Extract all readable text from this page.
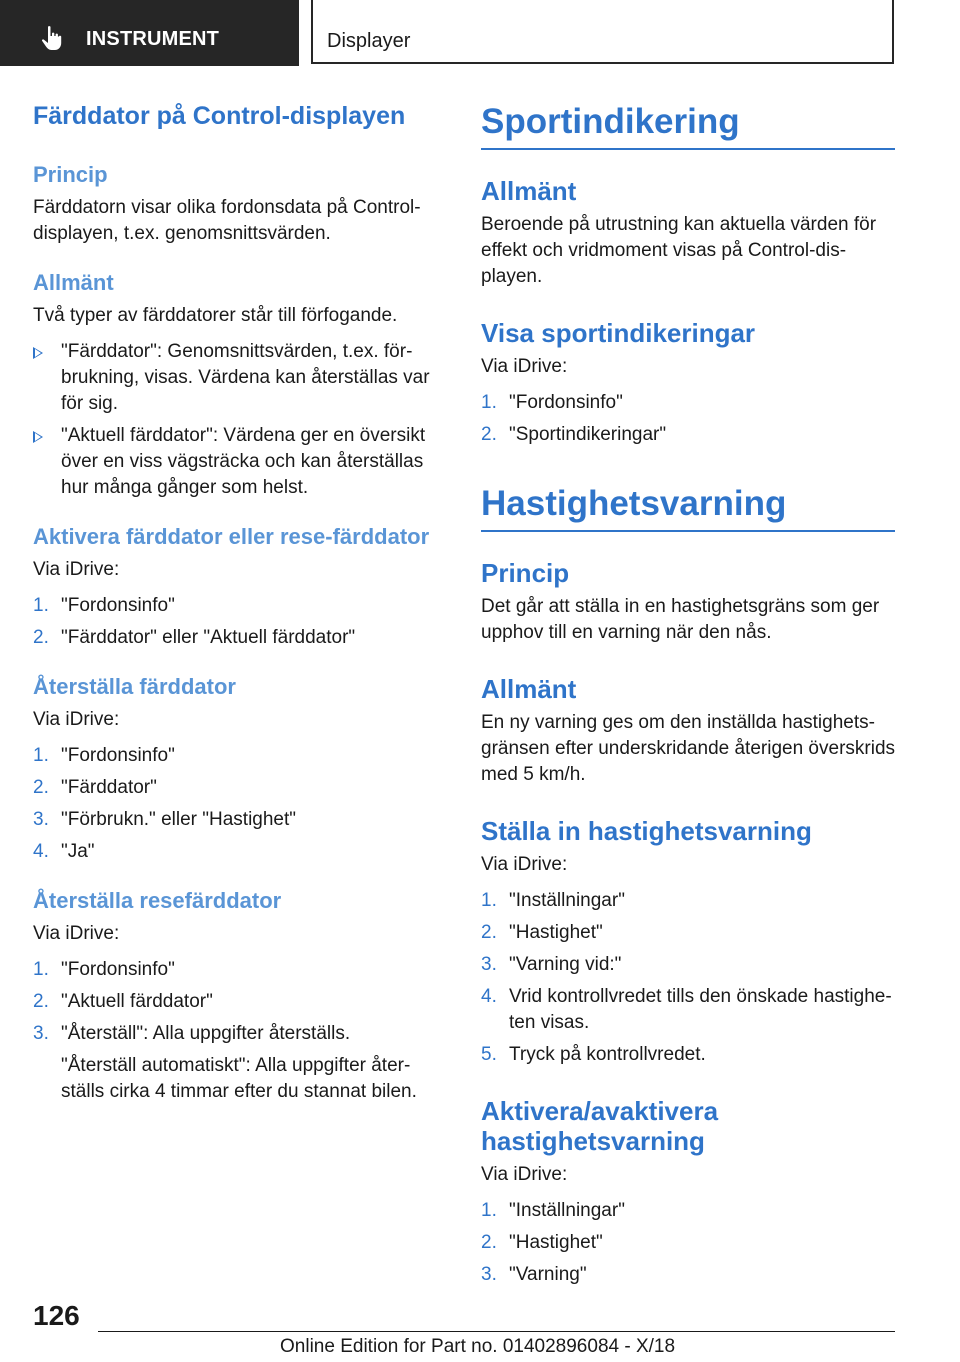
INSTRUMENT	Displayer
Färddator på Control-displayen
Princip

Färddatorn visar olika fordonsdata på Control-displayen, t.ex. genomsnittsvärden.

Allmänt

Två typer av färddatorer står till förfogande.

"Färddator": Genomsnittsvärden, t.ex. för-brukning, visas. Värdena kan återställas var för sig.
"Aktuell färddator": Värdena ger en översikt över en viss vägsträcka och kan återställas hur många gånger som helst.
Aktivera färddator eller rese-färddator

Via iDrive:

1. "Fordonsinfo"
2. "Färddator" eller "Aktuell färddator"
Återställa färddator

Via iDrive:

1. "Fordonsinfo"
2. "Färddator"
3. "Förbrukn." eller "Hastighet"
4. "Ja"
Återställa resefärddator

Via iDrive:

1. "Fordonsinfo"
2. "Aktuell färddator"
3. "Återställ": Alla uppgifter återställs.

"Återställ automatiskt": Alla uppgifter åter-ställs cirka 4 timmar efter du stannat bilen.

Sportindikering
Allmänt

Beroende på utrustning kan aktuella värden för effekt och vridmoment visas på Control-dis-playen.

Visa sportindikeringar

Via iDrive:

1. "Fordonsinfo"
2. "Sportindikeringar"
Hastighetsvarning
Princip

Det går att ställa in en hastighetsgräns som ger upphov till en varning när den nås.

Allmänt

En ny varning ges om den inställda hastighets-gränsen efter underskridande återigen överskrids med 5 km/h.

Ställa in hastighetsvarning

Via iDrive:

1. "Inställningar"
2. "Hastighet"
3. "Varning vid:"
4. Vrid kontrollvredet tills den önskade hastighe-ten visas.
5. Tryck på kontrollvredet.
Aktivera/avaktivera hastighetsvarning

Via iDrive:

1. "Inställningar"
2. "Hastighet"
3. "Varning"
126
Online Edition for Part no. 01402896084 - X/18
